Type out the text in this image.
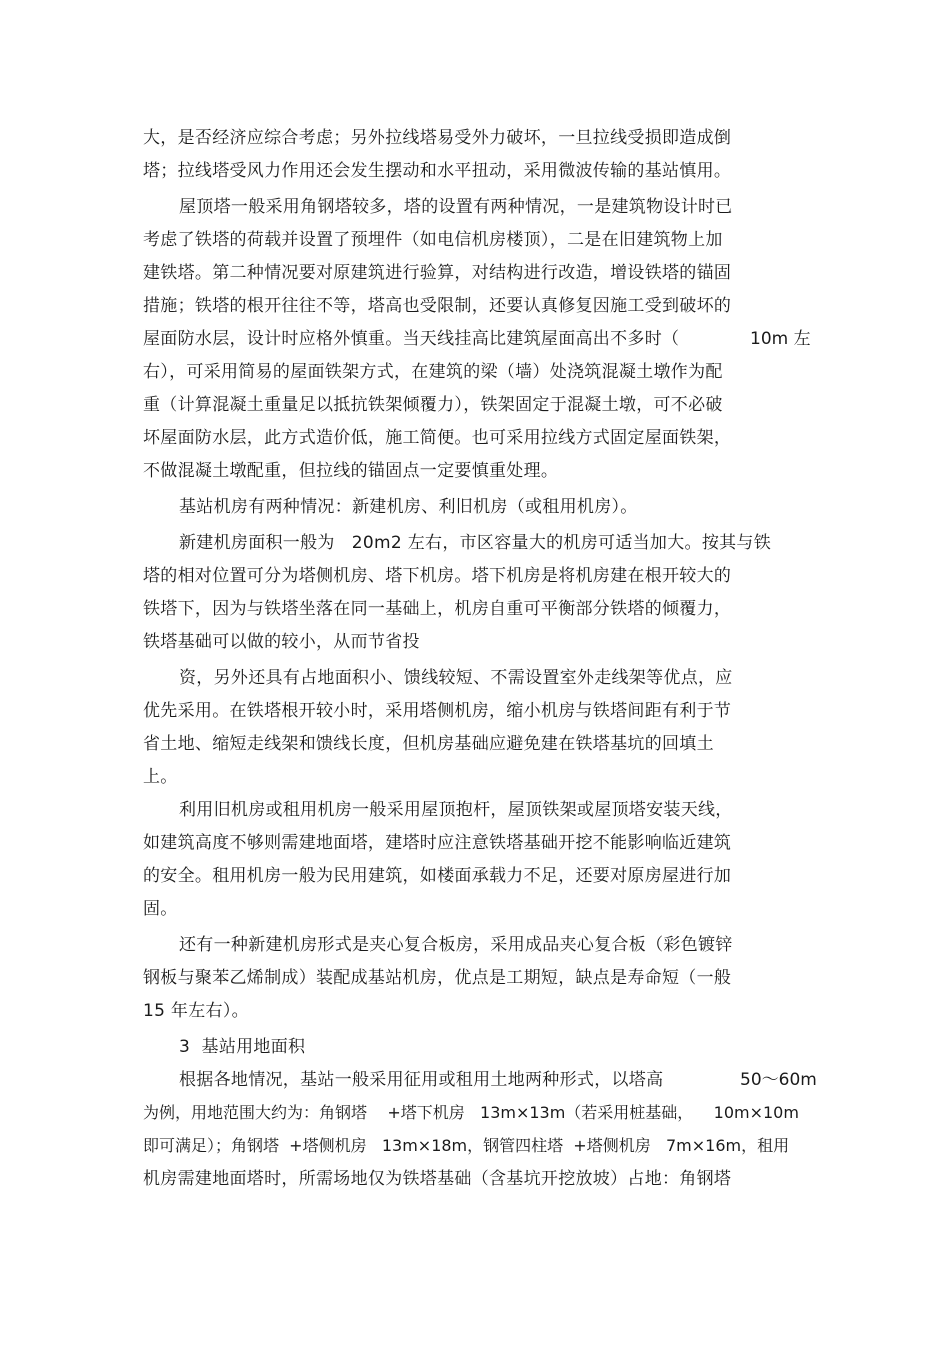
大，是否经济应综合考虑；另外拉线塔易受外力破坏，一旦拉线受损即造成倒
塔；拉线塔受风力作用还会发生摆动和水平扭动，采用微波传输的基站慎用。
屋顶塔一般采用角钢塔较多，塔的设置有两种情况，一是建筑物设计时已
考虑了铁塔的荷载并设置了预埋件（如电信机房楼顶），二是在旧建筑物上加
建铁塔。第二种情况要对原建筑进行验算，对结构进行改造，增设铁塔的锚固
措施；铁塔的根开往往不等，塔高也受限制，还要认真修复因施工受到破坏的
屋面防水层，设计时应格外慎重。当天线挂高比建筑屋面高出不多时（	10m 左
右），可采用简易的屋面铁架方式，在建筑的梁（墙）处浇筑混凝土墩作为配
重（计算混凝土重量足以抵抗铁架倾覆力），铁架固定于混凝土墩，可不必破
坏屋面防水层，此方式造价低，施工简便。也可采用拉线方式固定屋面铁架，
不做混凝土墩配重，但拉线的锚固点一定要慎重处理。
基站机房有两种情况：新建机房、利旧机房（或租用机房）。
新建机房面积一般为   20m2 左右，市区容量大的机房可适当加大。按其与铁
塔的相对位置可分为塔侧机房、塔下机房。塔下机房是将机房建在根开较大的
铁塔下，因为与铁塔坐落在同一基础上，机房自重可平衡部分铁塔的倾覆力，
铁塔基础可以做的较小，从而节省投
资，另外还具有占地面积小、馈线较短、不需设置室外走线架等优点，应
优先采用。在铁塔根开较小时，采用塔侧机房，缩小机房与铁塔间距有利于节
省土地、缩短走线架和馈线长度，但机房基础应避免建在铁塔基坑的回填土
上。
利用旧机房或租用机房一般采用屋顶抱杆，屋顶铁架或屋顶塔安装天线，
如建筑高度不够则需建地面塔，建塔时应注意铁塔基础开挖不能影响临近建筑
的安全。租用机房一般为民用建筑，如楼面承载力不足，还要对原房屋进行加
固。
还有一种新建机房形式是夹心复合板房，采用成品夹心复合板（彩色镀锌
钢板与聚苯乙烯制成）装配成基站机房，优点是工期短，缺点是寿命短（一般
15 年左右）。
3  基站用地面积
根据各地情况，基站一般采用征用或租用土地两种形式，以塔高	50～60m
为例，用地范围大约为：角钢塔    +塔下机房   13m×13m（若采用桩基础，    10m×10m
即可满足）；角钢塔  +塔侧机房   13m×18m，钢管四柱塔  +塔侧机房   7m×16m，租用
机房需建地面塔时，所需场地仅为铁塔基础（含基坑开挖放坡）占地：角钢塔
